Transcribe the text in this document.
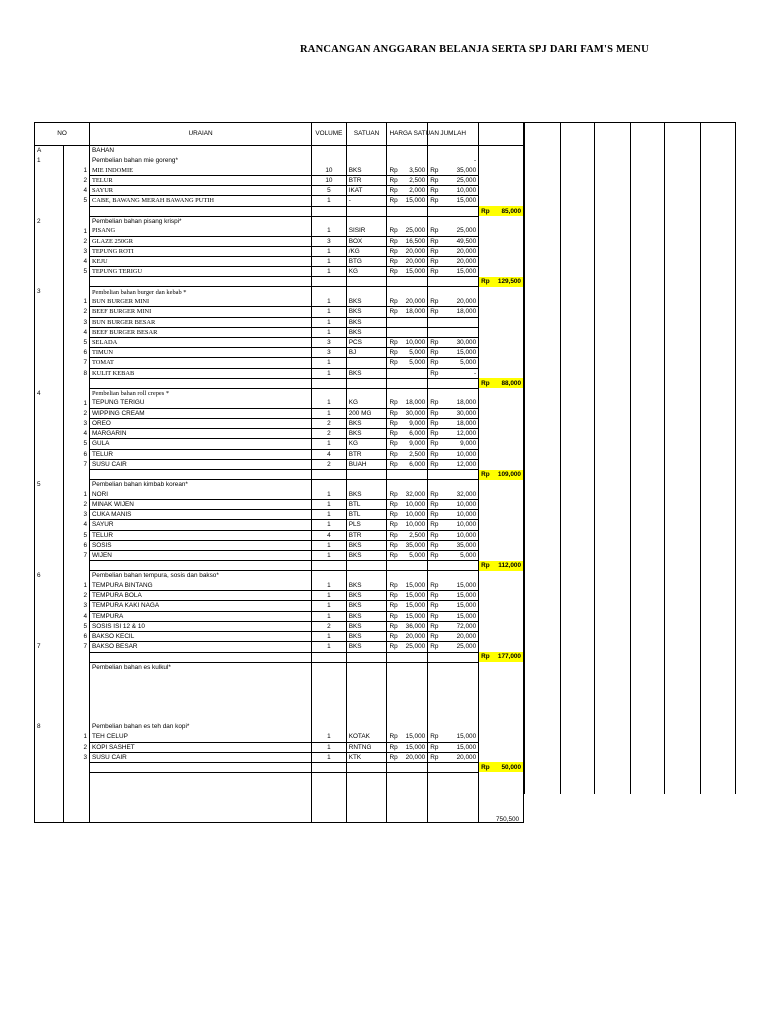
RANCANGAN ANGGARAN BELANJA SERTA SPJ DARI FAM'S MENU
NO		URAIAN	VOLUME	SATUAN	HARGA SATUAN	JUMLAH	
A		BAHAN					
1		Pembelian bahan mie goreng*				-	

	1	MIE INDOMIE	10	BKS	Rp 3,500	Rp 35,000	

	2	TELUR	10	BTR	Rp 2,500	Rp 25,000	

	4	SAYUR	5	IKAT	Rp 2,000	Rp 10,000	

	5	CABE, BAWANG MERAH BAWANG PUTIH	1	-	Rp 15,000	Rp 15,000	

							Rp 85,000

2		Pembelian bahan pisang krispi*					
	1	PISANG	1	SISIR	Rp 25,000	Rp 25,000	

	2	GLAZE 250GR	3	BOX	Rp 16,500	Rp 49,500	

	3	TEPUNG ROTI	1	/KG	Rp 20,000	Rp 20,000	

	4	KEJU	1	BTG	Rp 20,000	Rp 20,000	

	5	TEPUNG TERIGU	1	KG	Rp 15,000	Rp 15,000	

							Rp 129,500

3		Pembelian bahan burger dan kebab *					
	1	BUN BURGER MINI	1	BKS	Rp 20,000	Rp 20,000	

	2	BEEF BURGER MINI	1	BKS	Rp 18,000	Rp 18,000	

	3	BUN BURGER BESAR	1	BKS			
	4	BEEF BURGER BESAR	1	BKS			
	5	SELADA	3	PCS	Rp 10,000	Rp 30,000	

	6	TIMUN	3	BJ	Rp 5,000	Rp 15,000	

	7	TOMAT	1		Rp 5,000	Rp 5,000	

	8	KULIT KEBAB	1	BKS		Rp -	

							Rp 88,000

4		Pembelian bahan roll crepes *					
	1	TEPUNG TERIGU	1	KG	Rp 18,000	Rp 18,000	

	2	WIPPING CREAM	1	200 MG	Rp 30,000	Rp 30,000	

	3	OREO	2	BKS	Rp 9,000	Rp 18,000	

	4	MARGARIN	2	BKS	Rp 6,000	Rp 12,000	

	5	GULA	1	KG	Rp 9,000	Rp 9,000	

	6	TELUR	4	BTR	Rp 2,500	Rp 10,000	

	7	SUSU CAIR	2	BUAH	Rp 6,000	Rp 12,000	

							Rp 109,000

5		Pembelian bahan kimbab korean*					
	1	NORI	1	BKS	Rp 32,000	Rp 32,000	

	2	MINAK WIJEN	1	BTL	Rp 10,000	Rp 10,000	

	3	CUKA MANIS	1	BTL	Rp 10,000	Rp 10,000	

	4	SAYUR	1	PLS	Rp 10,000	Rp 10,000	

	5	TELUR	4	BTR	Rp 2,500	Rp 10,000	

	6	SOSIS	1	BKS	Rp 35,000	Rp 35,000	

	7	WIJEN	1	BKS	Rp 5,000	Rp 5,000	

							Rp 112,000

6		Pembelian bahan tempura, sosis dan bakso*					
	1	TEMPURA BINTANG	1	BKS	Rp 15,000	Rp 15,000	

	2	TEMPURA BOLA	1	BKS	Rp 15,000	Rp 15,000	

	3	TEMPURA KAKI NAGA	1	BKS	Rp 15,000	Rp 15,000	

	4	TEMPURA	1	BKS	Rp 15,000	Rp 15,000	

	5	SOSIS ISI 12 & 10	2	BKS	Rp 36,000	Rp 72,000	

	6	BAKSO KECIL	1	BKS	Rp 20,000	Rp 20,000	

7	7	BAKSO BESAR	1	BKS	Rp 25,000	Rp 25,000	

							Rp 177,000

		Pembelian bahan es kulkul*					

8		Pembelian bahan es teh dan kopi*					
	1	TEH CELUP	1	KOTAK	Rp 15,000	Rp 15,000	

	2	KOPI SASHET	1	RNTNG	Rp 15,000	Rp 15,000	

	3	SUSU CAIR	1	KTK	Rp 20,000	Rp 20,000	

							Rp 50,000

750,500
